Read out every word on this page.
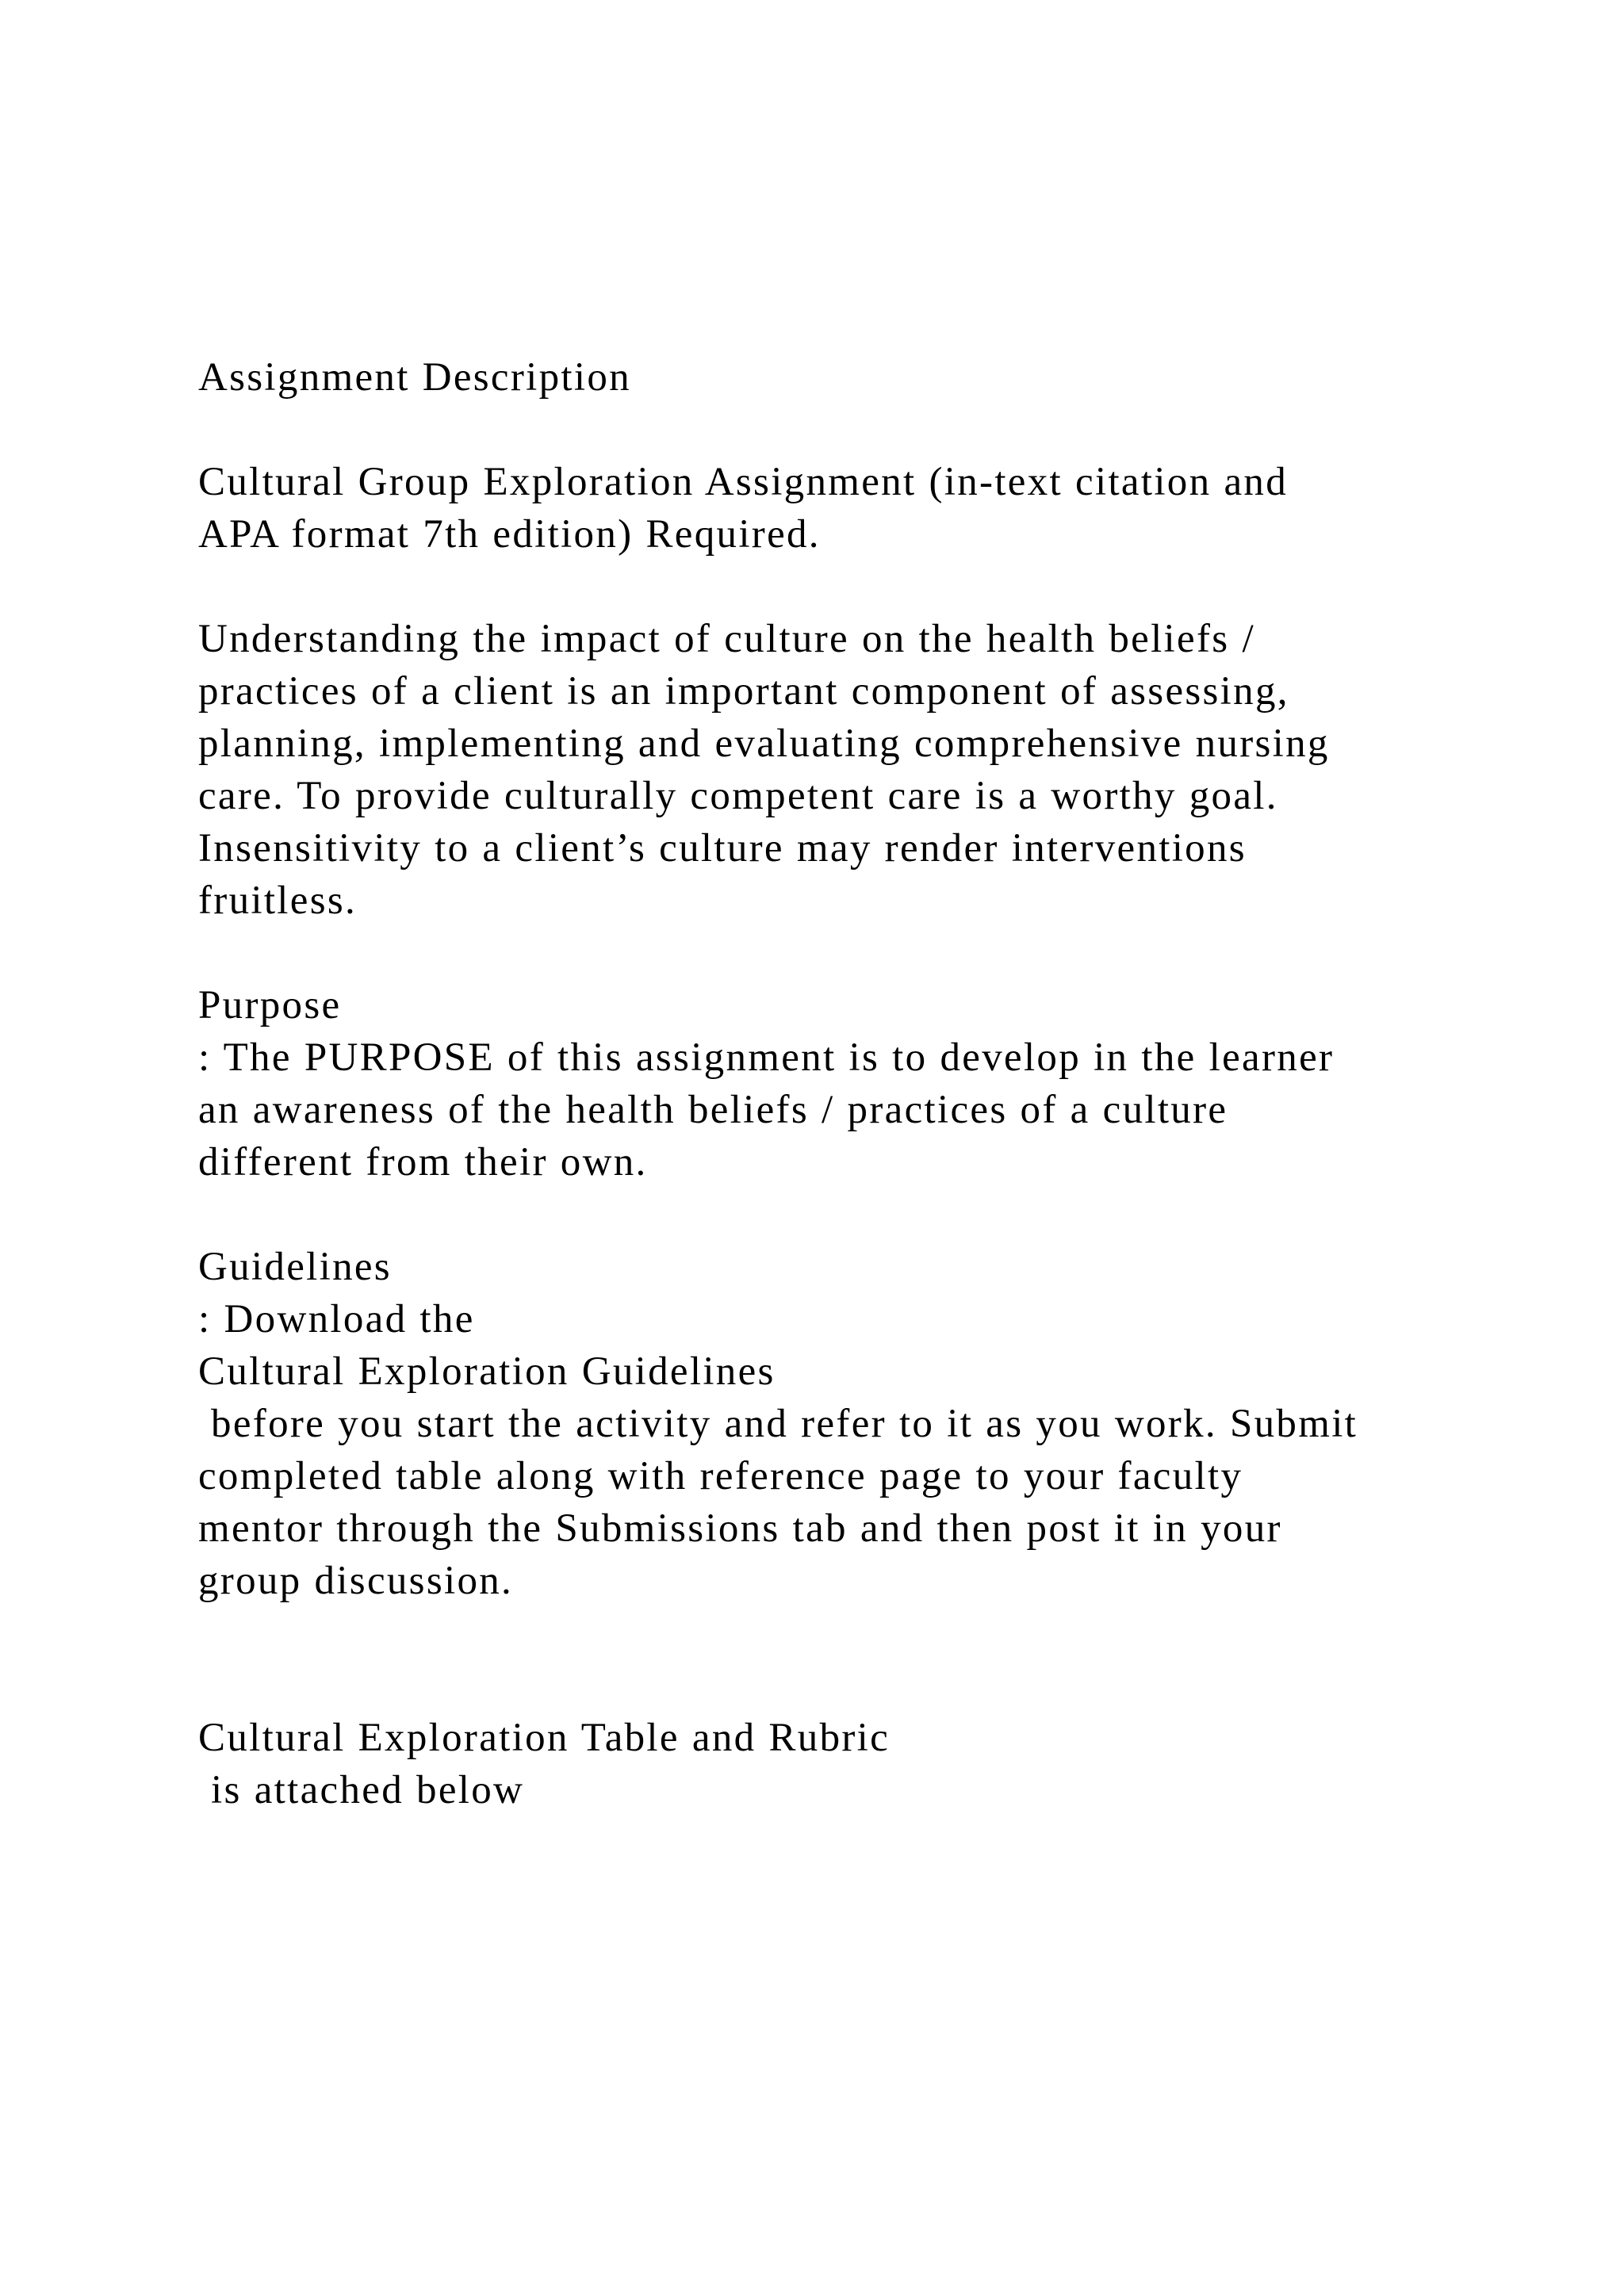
Assignment Description
Cultural Group Exploration Assignment (in-text citation and
APA format 7th edition) Required.
Understanding the impact of culture on the health beliefs /
practices of a client is an important component of assessing,
planning, implementing and evaluating comprehensive nursing
care. To provide culturally competent care is a worthy goal.
Insensitivity to a client’s culture may render interventions
fruitless.
Purpose
: The PURPOSE of this assignment is to develop in the learner
an awareness of the health beliefs / practices of a culture
different from their own.
Guidelines
: Download the
Cultural Exploration Guidelines
before you start the activity and refer to it as you work. Submit
completed table along with reference page to your faculty
mentor through the Submissions tab and then post it in your
group discussion.
Cultural Exploration Table and Rubric
is attached below
